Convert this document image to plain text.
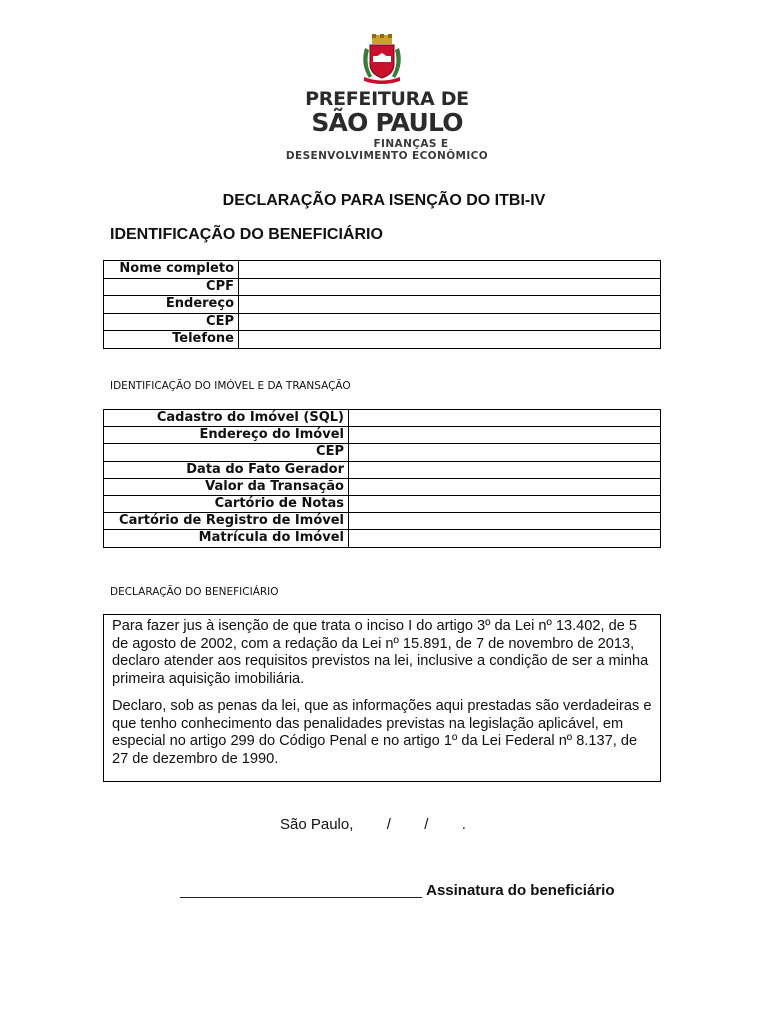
PREFEITURA DE
SÃO PAULO
FINANÇAS E
DESENVOLVIMENTO ECONÔMICO
DECLARAÇÃO PARA ISENÇÃO DO ITBI-IV
IDENTIFICAÇÃO DO BENEFICIÁRIO
Nome completo	
CPF	
Endereço	
CEP	
Telefone	
IDENTIFICAÇÃO DO IMÓVEL E DA TRANSAÇÃO
Cadastro do Imóvel (SQL)	
Endereço do Imóvel	
CEP	
Data do Fato Gerador	
Valor da Transação	
Cartório de Notas	
Cartório de Registro de Imóvel	
Matrícula do Imóvel	
DECLARAÇÃO DO BENEFICIÁRIO

Para fazer jus à isenção de que trata o inciso I do artigo 3º da Lei nº 13.402, de 5 de agosto de 2002, com a redação da Lei nº 15.891, de 7 de novembro de 2013, declaro atender aos requisitos previstos na lei, inclusive a condição de ser a minha primeira aquisição imobiliária.

Declaro, sob as penas da lei, que as informações aqui prestadas são verdadeiras e que tenho conhecimento das penalidades previstas na legislação aplicável, em especial no artigo 299 do Código Penal e no artigo 1º da Lei Federal nº 8.137, de 27 de dezembro de 1990.

São Paulo,        /        /        .
_____________________________ Assinatura do beneficiário
